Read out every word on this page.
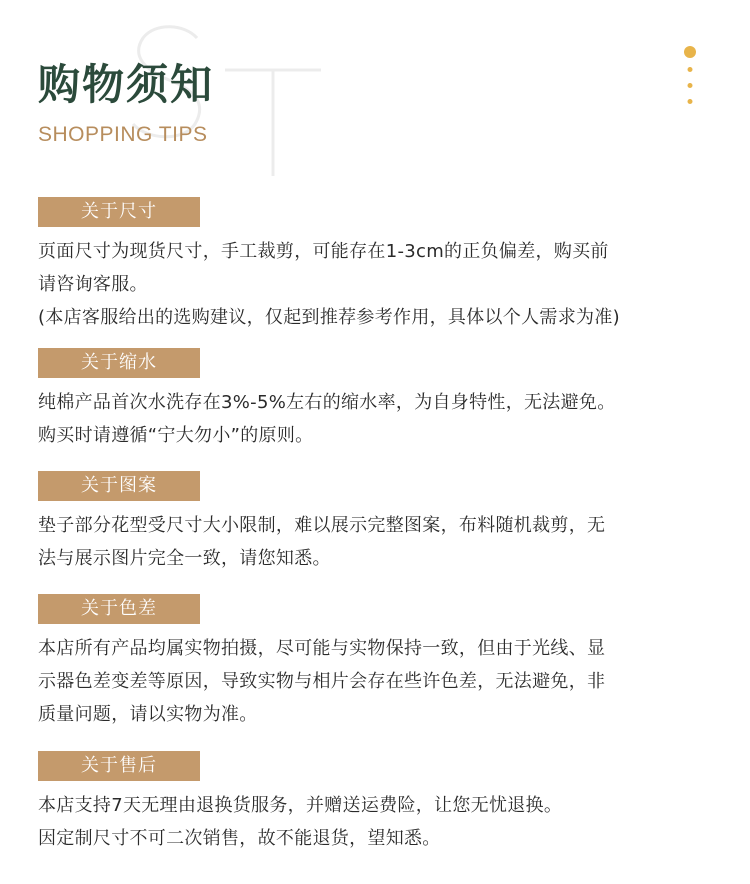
购物须知
SHOPPING TIPS
关于尺寸
页面尺寸为现货尺寸，手工裁剪，可能存在1-3cm的正负偏差，购买前
请咨询客服。
(本店客服给出的选购建议，仅起到推荐参考作用，具体以个人需求为准)
关于缩水
纯棉产品首次水洗存在3%-5%左右的缩水率，为自身特性，无法避免。
购买时请遵循“宁大勿小”的原则。
关于图案
垫子部分花型受尺寸大小限制，难以展示完整图案，布料随机裁剪，无
法与展示图片完全一致，请您知悉。
关于色差
本店所有产品均属实物拍摄，尽可能与实物保持一致，但由于光线、显
示器色差变差等原因，导致实物与相片会存在些许色差，无法避免，非
质量问题，请以实物为准。
关于售后
本店支持7天无理由退换货服务，并赠送运费险，让您无忧退换。
因定制尺寸不可二次销售，故不能退货，望知悉。
